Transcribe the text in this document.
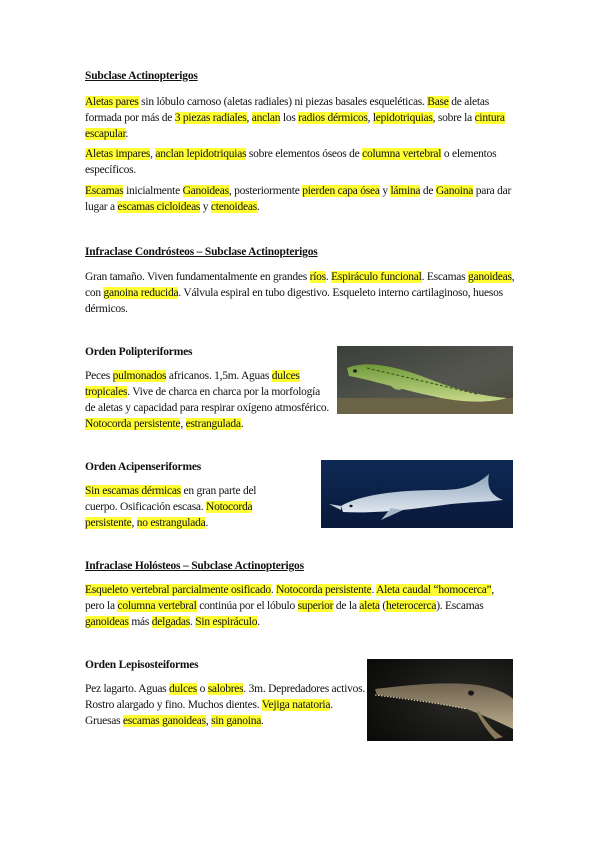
Subclase Actinopterigos
Aletas pares sin lóbulo carnoso (aletas radiales) ni piezas basales esqueléticas. Base de aletas formada por más de 3 piezas radiales, anclan los radios dérmicos, lepidotriquias, sobre la cintura escapular.
Aletas impares, anclan lepidotriquias sobre elementos óseos de columna vertebral o elementos específicos.
Escamas inicialmente Ganoideas, posteriormente pierden capa ósea y lámina de Ganoina para dar lugar a escamas cicloideas y ctenoideas.
Infraclase Condrósteos – Subclase Actinopterigos
Gran tamaño. Viven fundamentalmente en grandes ríos. Espiráculo funcional. Escamas ganoideas, con ganoina reducida. Válvula espiral en tubo digestivo. Esqueleto interno cartilaginoso, huesos dérmicos.
Orden Polipteriformes
Peces pulmonados africanos. 1,5m. Aguas dulces tropicales. Vive de charca en charca por la morfología de aletas y capacidad para respirar oxígeno atmosférico. Notocorda persistente, estrangulada.
Orden Acipenseriformes
Sin escamas dérmicas en gran parte del cuerpo. Osificación escasa. Notocorda persistente, no estrangulada.
Infraclase Holósteos – Subclase Actinopterigos
Esqueleto vertebral parcialmente osificado. Notocorda persistente. Aleta caudal “homocerca”, pero la columna vertebral continúa por el lóbulo superior de la aleta (heterocerca). Escamas ganoideas más delgadas. Sin espiráculo.
Orden Lepisosteiformes
Pez lagarto. Aguas dulces o salobres. 3m. Depredadores activos. Rostro alargado y fino. Muchos dientes. Vejiga natatoria. Gruesas escamas ganoideas, sin ganoina.
